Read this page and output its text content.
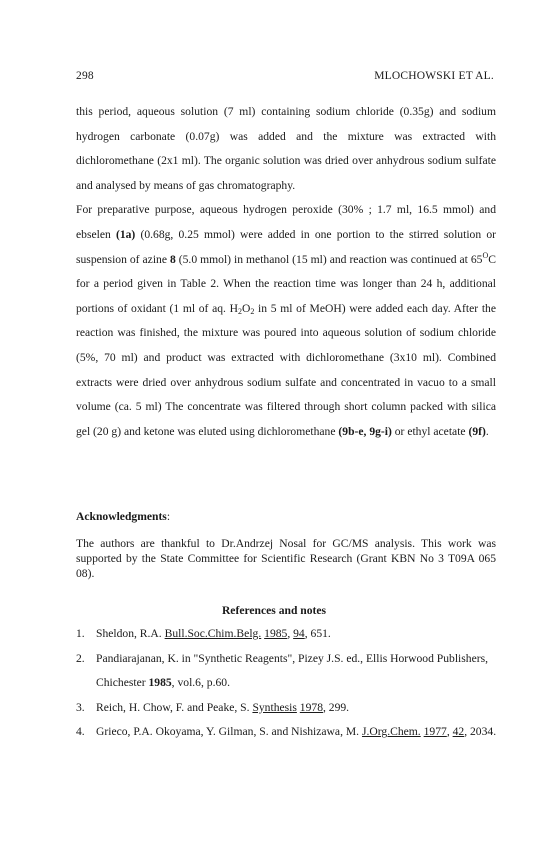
298	MLOCHOWSKI ET AL.

this period, aqueous solution (7 ml) containing sodium chloride (0.35g) and sodium hydrogen carbonate (0.07g) was added and the mixture was extracted with dichloromethane (2x1 ml). The organic solution was dried over anhydrous sodium sulfate and analysed by means of gas chromatography.

For preparative purpose, aqueous hydrogen peroxide (30% ; 1.7 ml, 16.5 mmol) and ebselen (1a) (0.68g, 0.25 mmol) were added in one portion to the stirred solution or suspension of azine 8 (5.0 mmol) in methanol (15 ml) and reaction was continued at $65^OC$ for a period given in Table 2. When the reaction time was longer than 24 h, additional portions of oxidant (1 ml of aq. $H_2O_2$ in 5 ml of MeOH) were added each day. After the reaction was finished, the mixture was poured into aqueous solution of sodium chloride (5%, 70 ml) and product was extracted with dichloromethane (3x10 ml). Combined extracts were dried over anhydrous sodium sulfate and concentrated in vacuo to a small volume (ca. 5 ml) The concentrate was filtered through short column packed with silica gel (20 g) and ketone was eluted using dichloromethane (9b-e, 9g-i) or ethyl acetate (9f).

Acknowledgments:
The authors are thankful to Dr.Andrzej Nosal for GC/MS analysis. This work was supported by the State Committee for Scientific Research (Grant KBN No 3 T09A 065 08).
References and notes
1. Sheldon, R.A. Bull.Soc.Chim.Belg. 1985, 94, 651.
2. Pandiarajanan, K. in "Synthetic Reagents", Pizey J.S. ed., Ellis Horwood Publishers, Chichester 1985, vol.6, p.60.
3. Reich, H. Chow, F. and Peake, S. Synthesis 1978, 299.
4. Grieco, P.A. Okoyama, Y. Gilman, S. and Nishizawa, M. J.Org.Chem. 1977, 42, 2034.
